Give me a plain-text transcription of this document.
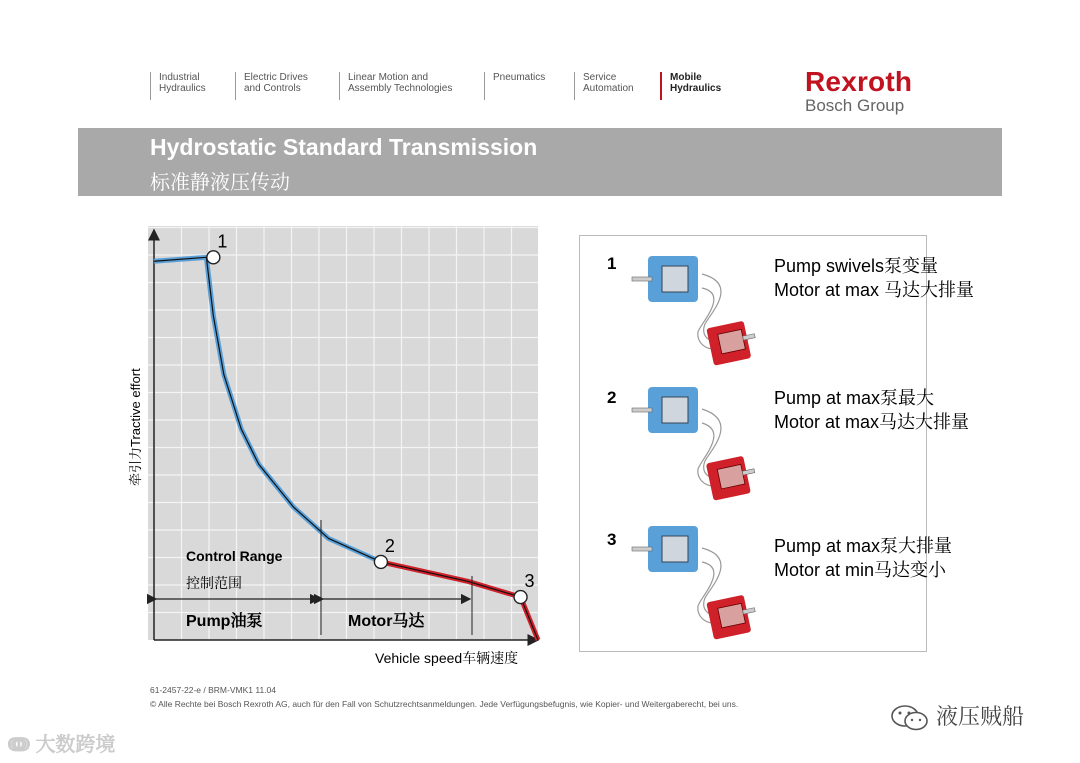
Industrial
Hydraulics
Electric Drives
and Controls
Linear Motion and
Assembly Technologies
Pneumatics	Service
Automation
Mobile
Hydraulics	Rexroth
Bosch Group
Hydrostatic Standard Transmission
标准静液压传动
1
2
3
Control Range
控制范围
Pump油泵	Motor马达
牵引力Tractive effort
Vehicle speed车辆速度
1	Pump swivels泵变量
Motor at max 马达大排量
2	Pump at max泵最大
Motor at max马达大排量
3	Pump at max泵大排量
Motor at min马达变小
61-2457-22-e / BRM-VMK1 11.04
© Alle Rechte bei Bosch Rexroth AG, auch für den Fall von Schutzrechtsanmeldungen. Jede Verfügungsbefugnis, wie Kopier- und Weitergaberecht, bei uns.	液压贼船
ↈ 大数跨境
